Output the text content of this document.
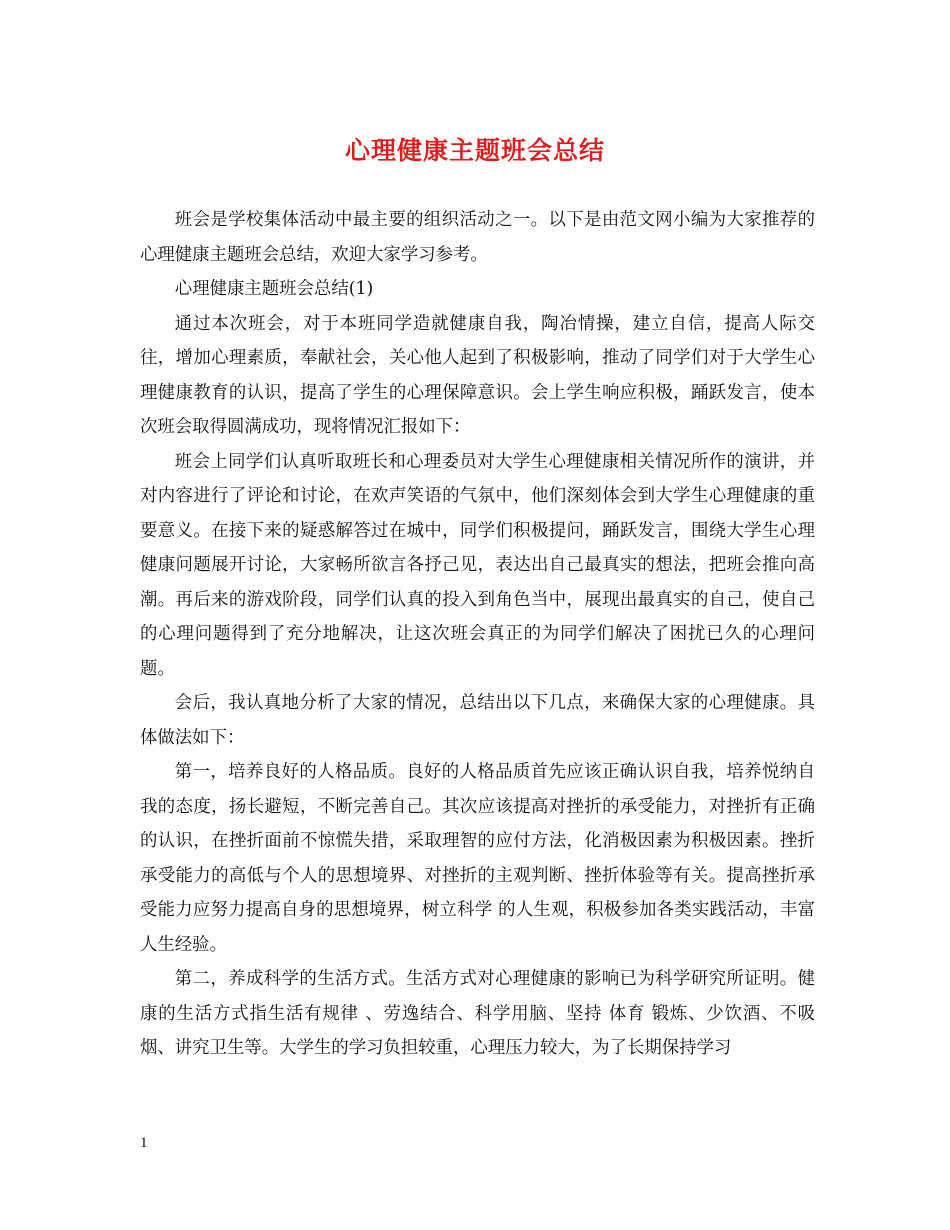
心理健康主题班会总结

班会是学校集体活动中最主要的组织活动之一。以下是由范文网小编为大家推荐的心理健康主题班会总结，欢迎大家学习参考。

心理健康主题班会总结(1)

通过本次班会，对于本班同学造就健康自我，陶冶情操，建立自信，提高人际交往，增加心理素质，奉献社会，关心他人起到了积极影响，推动了同学们对于大学生心理健康教育的认识，提高了学生的心理保障意识。会上学生响应积极，踊跃发言，使本次班会取得圆满成功，现将情况汇报如下：

班会上同学们认真听取班长和心理委员对大学生心理健康相关情况所作的演讲，并对内容进行了评论和讨论，在欢声笑语的气氛中，他们深刻体会到大学生心理健康的重要意义。在接下来的疑惑解答过在城中，同学们积极提问，踊跃发言，围绕大学生心理健康问题展开讨论，大家畅所欲言各抒己见，表达出自己最真实的想法，把班会推向高潮。再后来的游戏阶段，同学们认真的投入到角色当中，展现出最真实的自己，使自己的心理问题得到了充分地解决，让这次班会真正的为同学们解决了困扰已久的心理问题。

会后，我认真地分析了大家的情况，总结出以下几点，来确保大家的心理健康。具体做法如下：

第一，培养良好的人格品质。良好的人格品质首先应该正确认识自我，培养悦纳自我的态度，扬长避短，不断完善自己。其次应该提高对挫折的承受能力，对挫折有正确的认识，在挫折面前不惊慌失措，采取理智的应付方法，化消极因素为积极因素。挫折承受能力的高低与个人的思想境界、对挫折的主观判断、挫折体验等有关。提高挫折承受能力应努力提高自身的思想境界，树立科学 的人生观，积极参加各类实践活动，丰富人生经验。

第二，养成科学的生活方式。生活方式对心理健康的影响已为科学研究所证明。健康的生活方式指生活有规律 、劳逸结合、科学用脑、坚持 体育 锻炼、少饮酒、不吸烟、讲究卫生等。大学生的学习负担较重，心理压力较大，为了长期保持学习

1
